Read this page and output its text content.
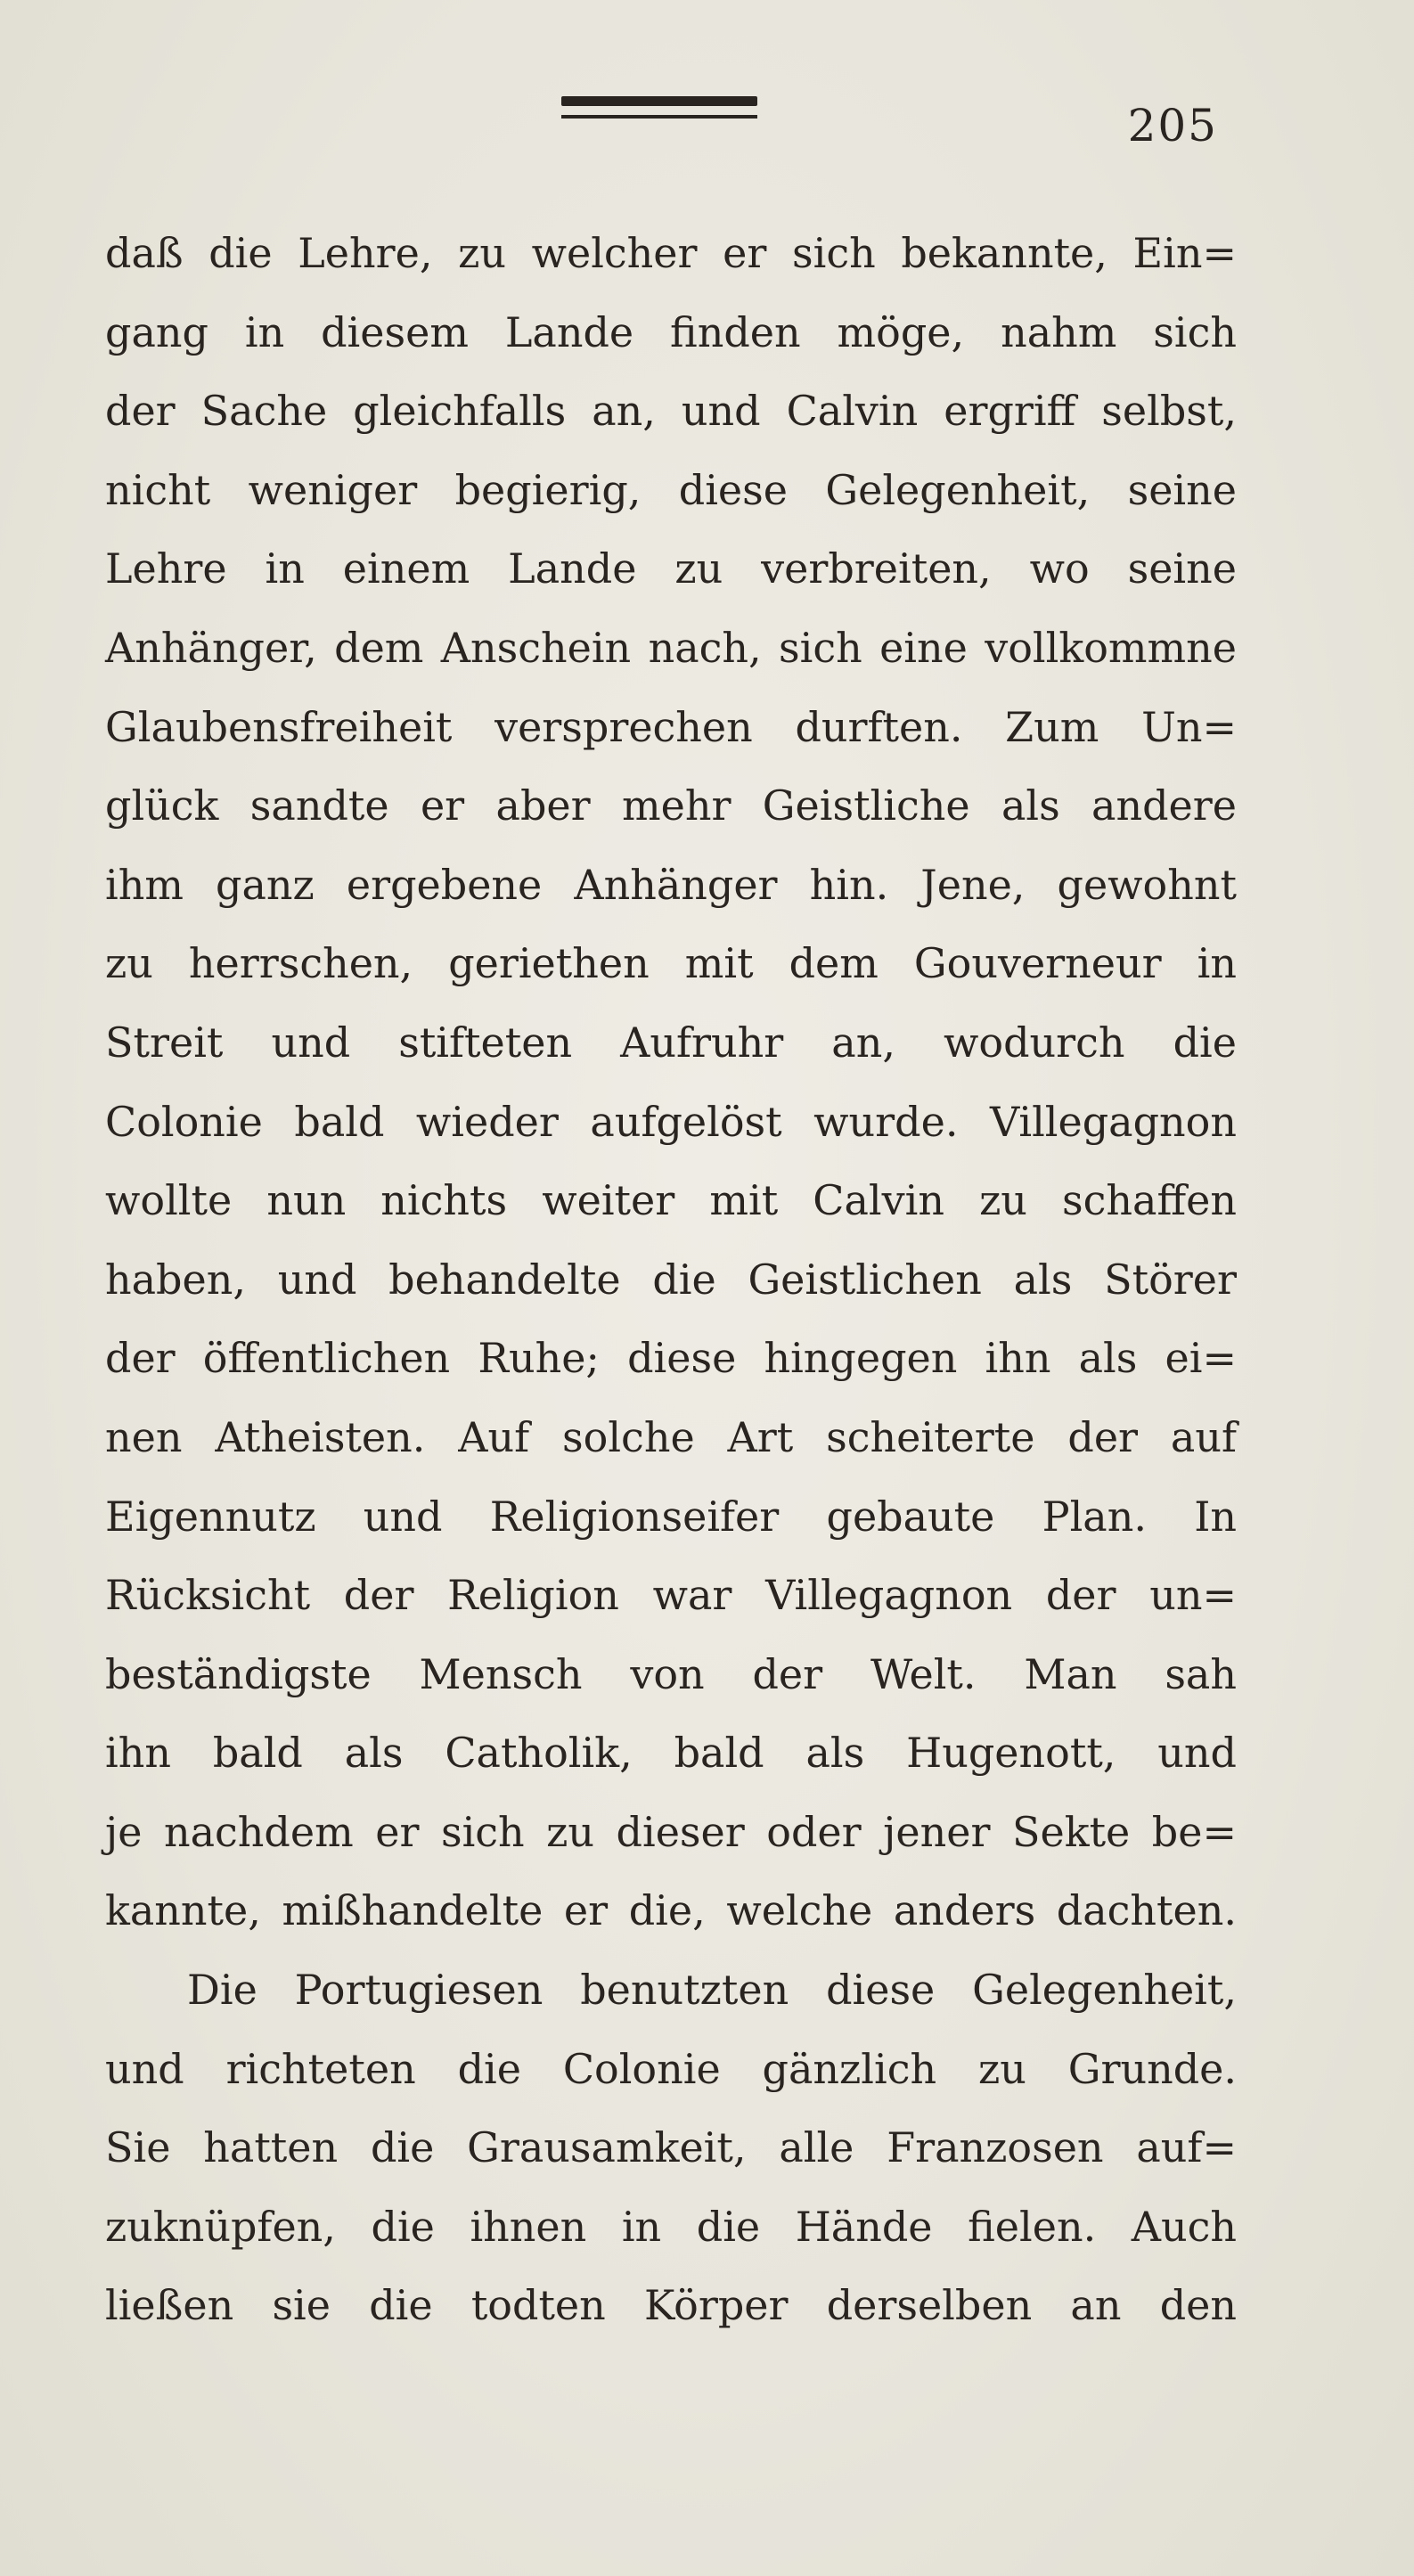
205
daß die Lehre, zu welcher er sich bekannte, Ein=
gang in diesem Lande finden möge, nahm sich
der Sache gleichfalls an, und Calvin ergriff selbst,
nicht weniger begierig, diese Gelegenheit, seine
Lehre in einem Lande zu verbreiten, wo seine
Anhänger, dem Anschein nach, sich eine vollkommne
Glaubensfreiheit versprechen durften. Zum Un=
glück sandte er aber mehr Geistliche als andere
ihm ganz ergebene Anhänger hin. Jene, gewohnt
zu herrschen, geriethen mit dem Gouverneur in
Streit und stifteten Aufruhr an, wodurch die
Colonie bald wieder aufgelöst wurde. Villegagnon
wollte nun nichts weiter mit Calvin zu schaffen
haben, und behandelte die Geistlichen als Störer
der öffentlichen Ruhe; diese hingegen ihn als ei=
nen Atheisten. Auf solche Art scheiterte der auf
Eigennutz und Religionseifer gebaute Plan. In
Rücksicht der Religion war Villegagnon der un=
beständigste Mensch von der Welt. Man sah
ihn bald als Catholik, bald als Hugenott, und
je nachdem er sich zu dieser oder jener Sekte be=
kannte, mißhandelte er die, welche anders dachten.
Die Portugiesen benutzten diese Gelegenheit,
und richteten die Colonie gänzlich zu Grunde.
Sie hatten die Grausamkeit, alle Franzosen auf=
zuknüpfen, die ihnen in die Hände fielen. Auch
ließen sie die todten Körper derselben an den
